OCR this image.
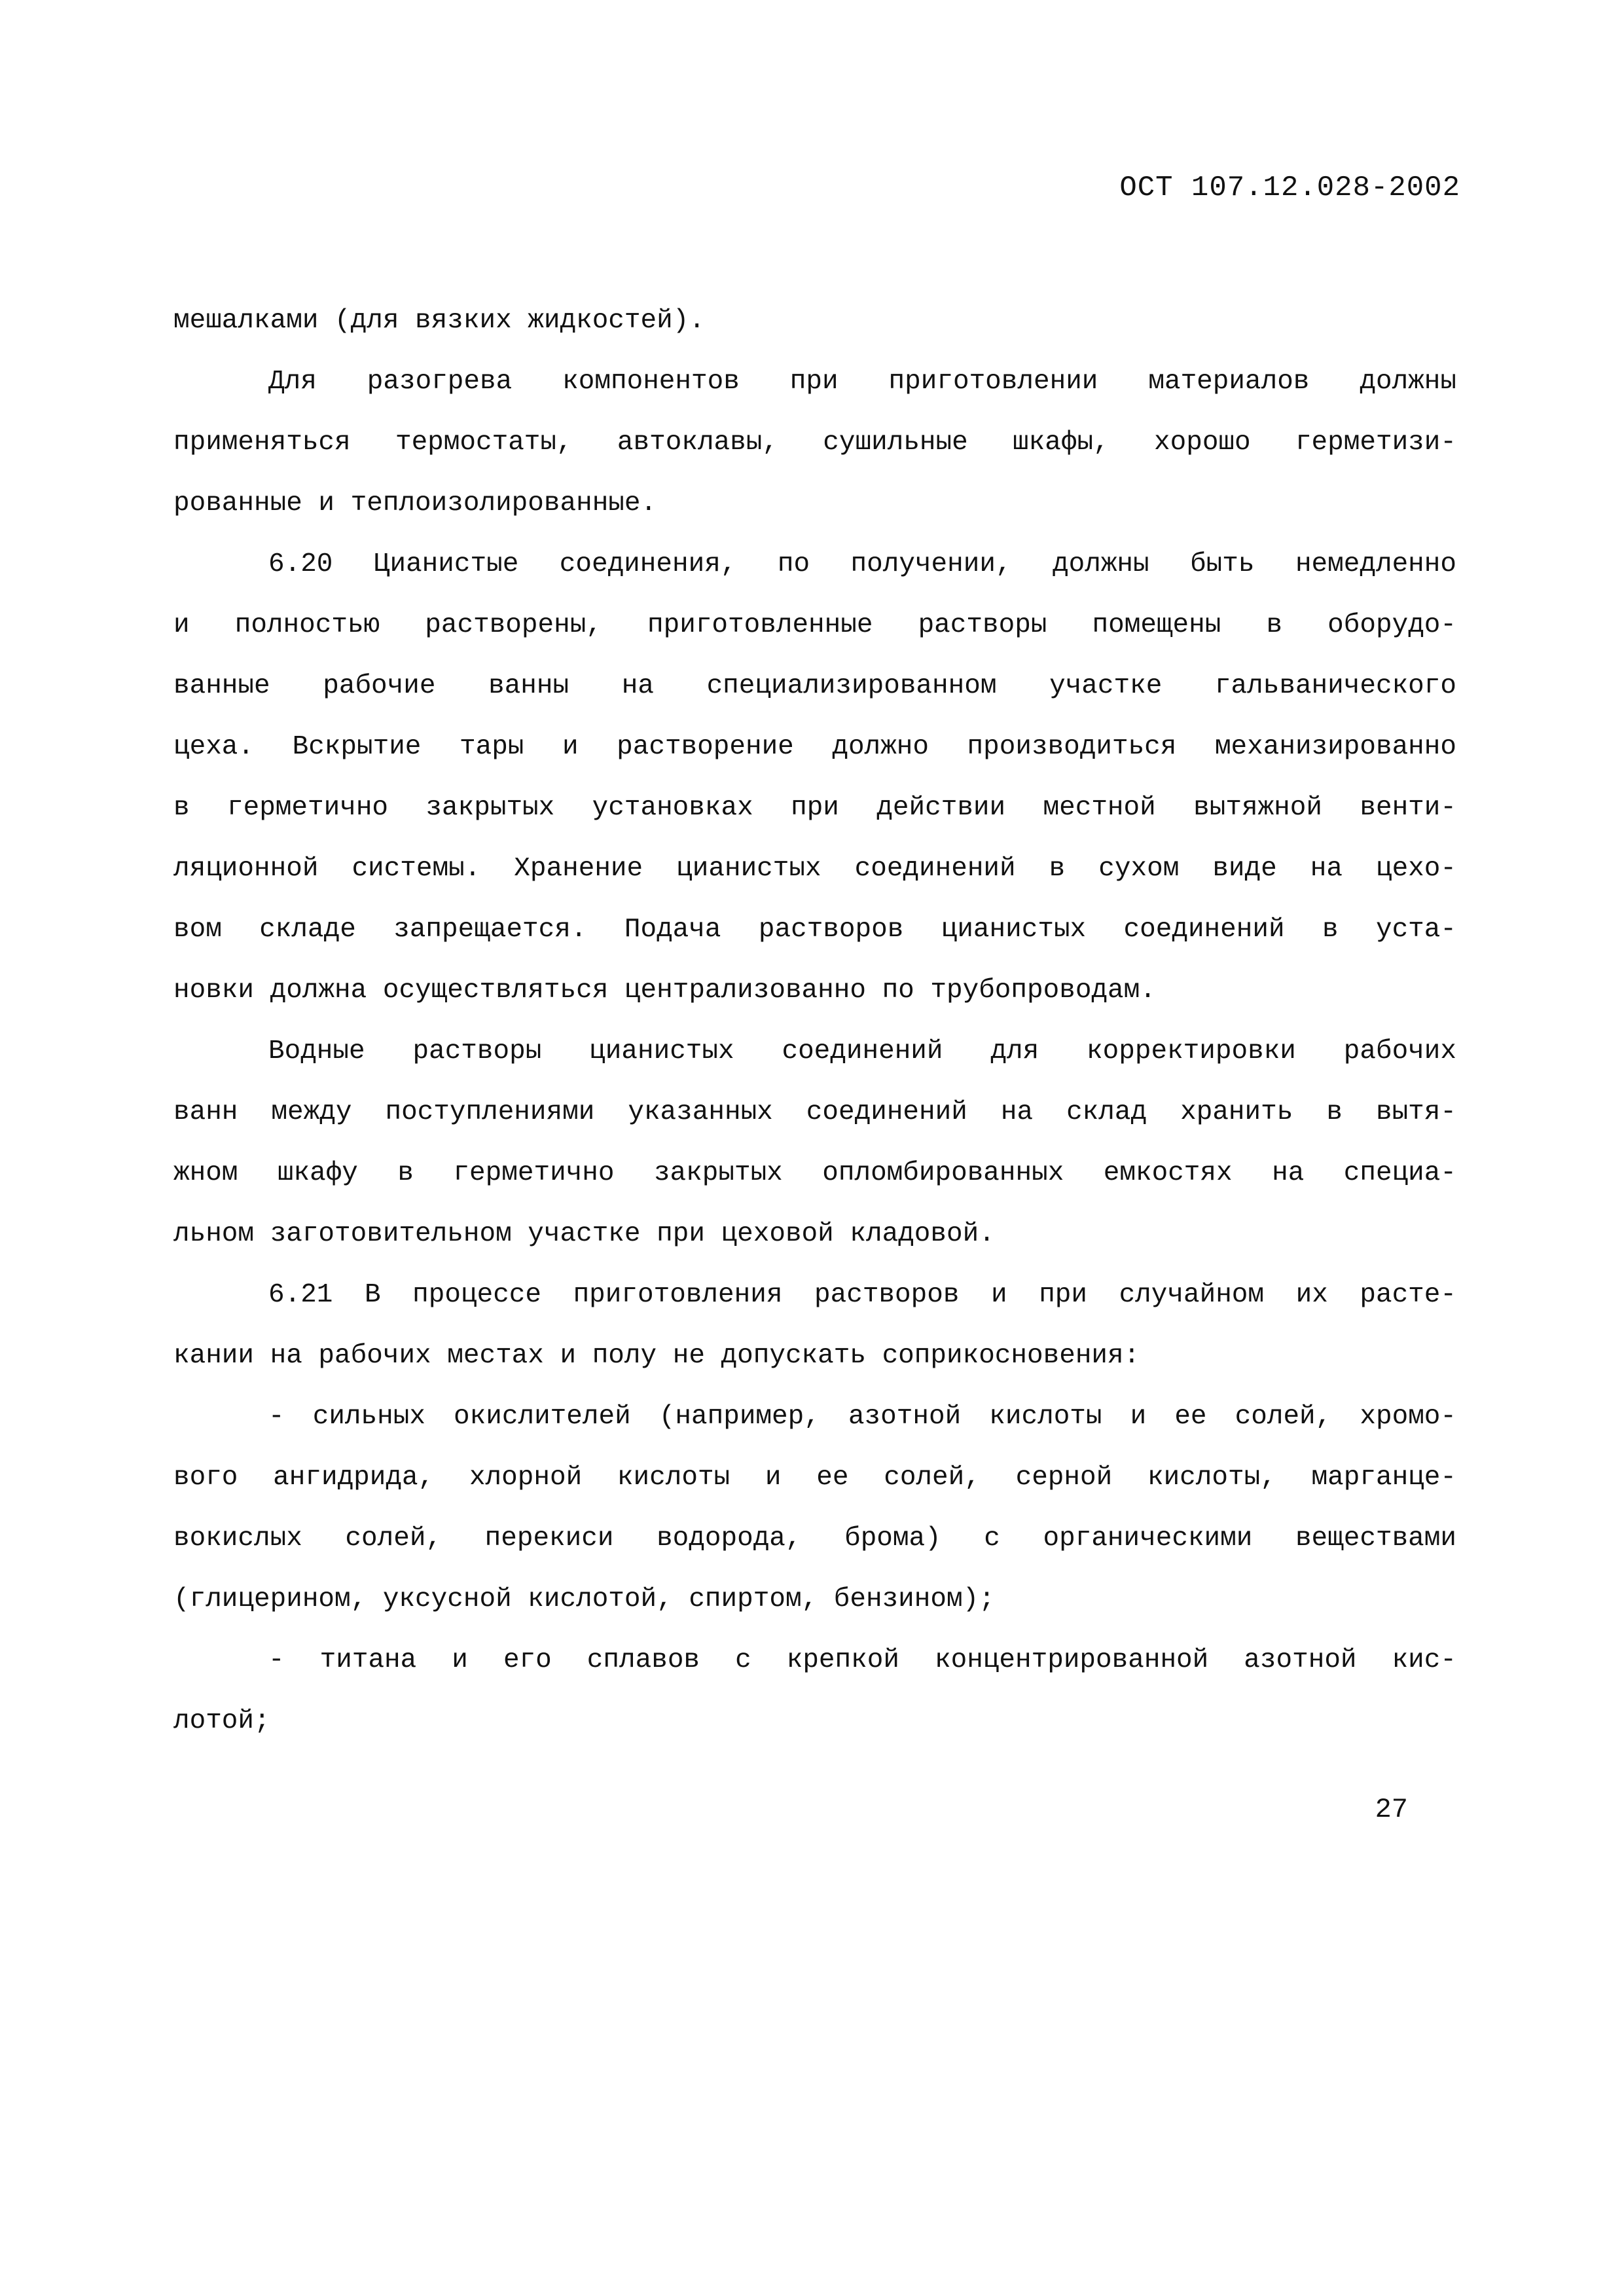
ОСТ 107.12.028-2002
мешалками (для вязких жидкостей).
Для разогрева компонентов при приготовлении материалов должны
применяться термостаты, автоклавы, сушильные шкафы, хорошо герметизи-
рованные и теплоизолированные.
6.20 Цианистые соединения, по получении, должны быть немедленно
и полностью растворены, приготовленные растворы помещены в оборудо-
ванные рабочие ванны на специализированном участке гальванического
цеха. Вскрытие тары и растворение должно производиться механизированно
в герметично закрытых установках при действии местной вытяжной венти-
ляционной системы. Хранение цианистых соединений в сухом виде на цехо-
вом складе запрещается. Подача растворов цианистых соединений в уста-
новки должна осуществляться централизованно по трубопроводам.
Водные растворы цианистых соединений для корректировки рабочих
ванн между поступлениями указанных соединений на склад хранить в вытя-
жном шкафу в герметично закрытых опломбированных емкостях на специа-
льном заготовительном участке при цеховой кладовой.
6.21 В процессе приготовления растворов и при случайном их расте-
кании на рабочих местах и полу не допускать соприкосновения:
- сильных окислителей (например, азотной кислоты и ее солей, хромо-
вого ангидрида, хлорной кислоты и ее солей, серной кислоты, марганце-
вокислых солей, перекиси водорода, брома) с органическими веществами
(глицерином, уксусной кислотой, спиртом, бензином);
- титана и его сплавов с крепкой концентрированной азотной кис-
лотой;
27
